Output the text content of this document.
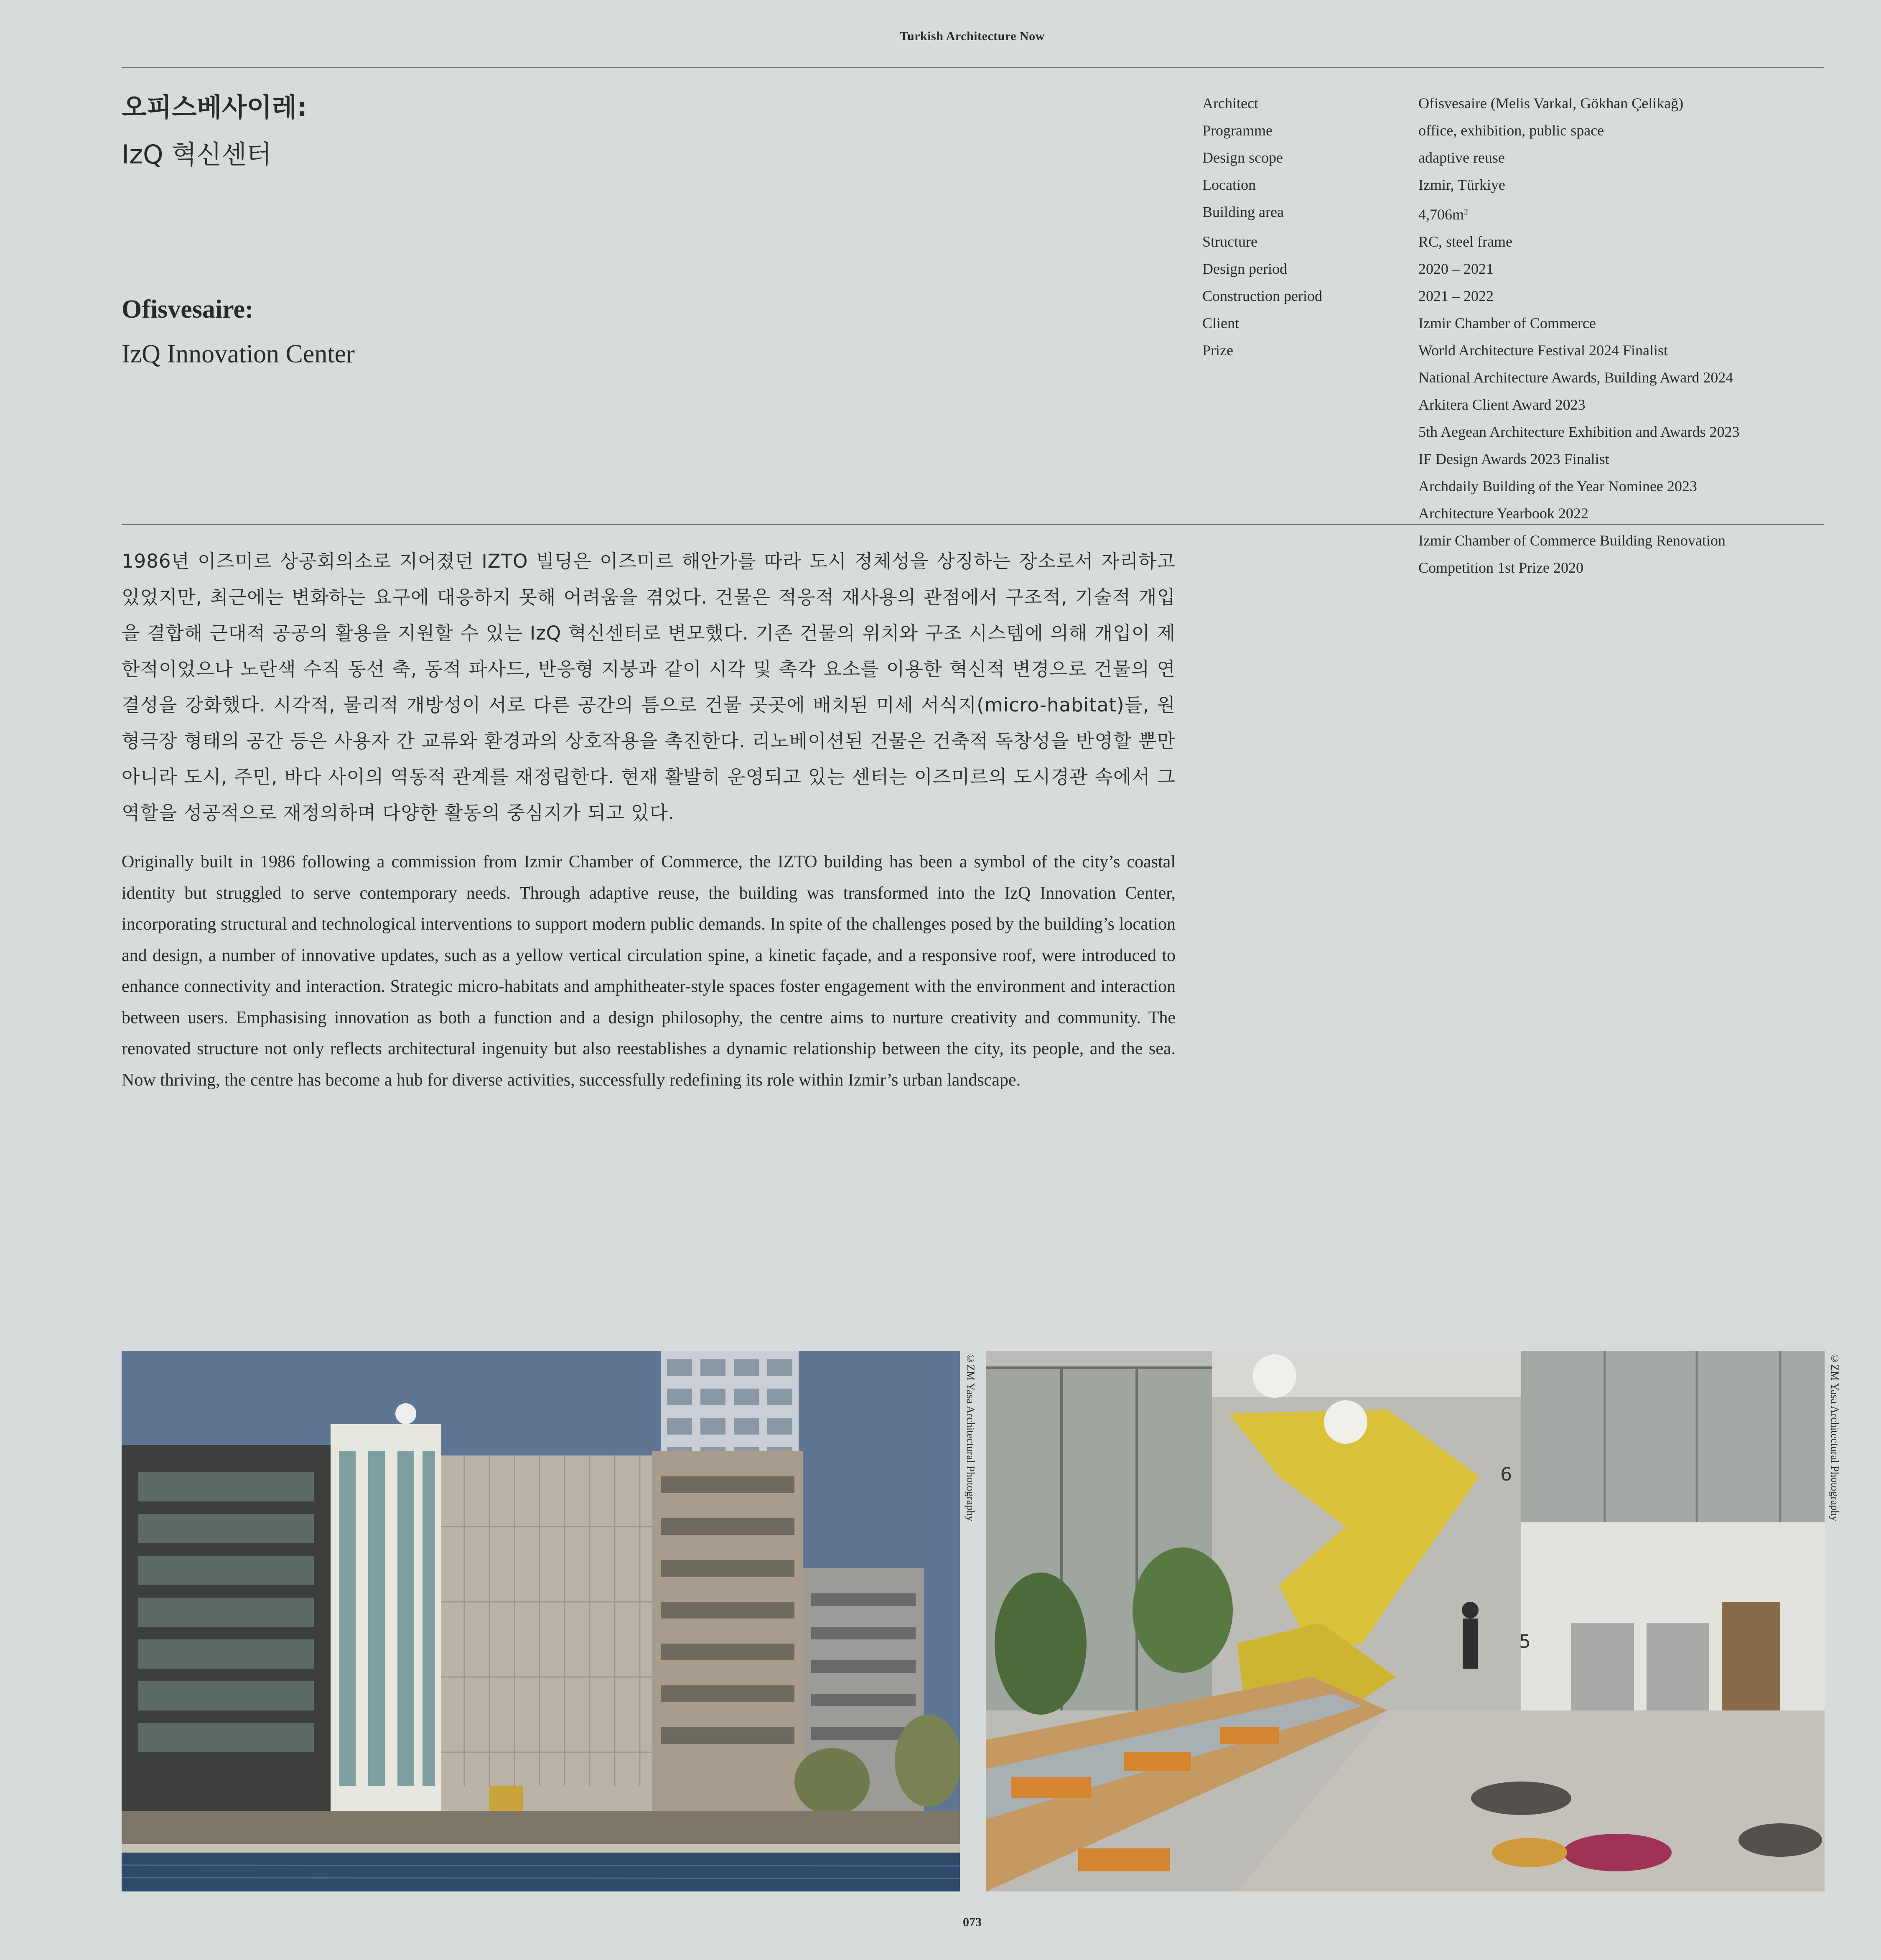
Turkish Architecture Now
오피스베사이레:
IzQ 혁신센터
Ofisvesaire:
IzQ Innovation Center
Architect	Ofisvesaire (Melis Varkal, Gökhan Çelikağ)
Programme	office, exhibition, public space
Design scope	adaptive reuse
Location	Izmir, Türkiye
Building area	$4,706m^2$
Structure	RC, steel frame
Design period	2020 – 2021
Construction period	2021 – 2022
Client	Izmir Chamber of Commerce
Prize	World Architecture Festival 2024 Finalist
National Architecture Awards, Building Award 2024
Arkitera Client Award 2023
5th Aegean Architecture Exhibition and Awards 2023
IF Design Awards 2023 Finalist
Archdaily Building of the Year Nominee 2023
Architecture Yearbook 2022
Izmir Chamber of Commerce Building Renovation
Competition 1st Prize 2020
1986년 이즈미르 상공회의소로 지어졌던 IZTO 빌딩은 이즈미르 해안가를 따라 도시 정체성을 상징하는 장소로서 자리하고 있었지만, 최근에는 변화하는 요구에 대응하지 못해 어려움을 겪었다. 건물은 적응적 재사용의 관점에서 구조적, 기술적 개입을 결합해 근대적 공공의 활용을 지원할 수 있는 IzQ 혁신센터로 변모했다. 기존 건물의 위치와 구조 시스템에 의해 개입이 제한적이었으나 노란색 수직 동선 축, 동적 파사드, 반응형 지붕과 같이 시각 및 촉각 요소를 이용한 혁신적 변경으로 건물의 연결성을 강화했다. 시각적, 물리적 개방성이 서로 다른 공간의 틈으로 건물 곳곳에 배치된 미세 서식지(micro-habitat)들, 원형극장 형태의 공간 등은 사용자 간 교류와 환경과의 상호작용을 촉진한다. 리노베이션된 건물은 건축적 독창성을 반영할 뿐만 아니라 도시, 주민, 바다 사이의 역동적 관계를 재정립한다. 현재 활발히 운영되고 있는 센터는 이즈미르의 도시경관 속에서 그 역할을 성공적으로 재정의하며 다양한 활동의 중심지가 되고 있다.
Originally built in 1986 following a commission from Izmir Chamber of Commerce, the IZTO building has been a symbol of the city’s coastal identity but struggled to serve contemporary needs. Through adaptive reuse, the building was transformed into the IzQ Innovation Center, incorporating structural and technological interventions to support modern public demands. In spite of the challenges posed by the building’s location and design, a number of innovative updates, such as a yellow vertical circulation spine, a kinetic façade, and a responsive roof, were introduced to enhance connectivity and interaction. Strategic micro-habitats and amphitheater-style spaces foster engagement with the environment and interaction between users. Emphasising innovation as both a function and a design philosophy, the centre aims to nurture creativity and community. The renovated structure not only reflects architectural ingenuity but also reestablishes a dynamic relationship between the city, its people, and the sea. Now thriving, the centre has become a hub for diverse activities, successfully redefining its role within Izmir’s urban landscape.
©ZM Yasa Architectural Photography	6
5
©ZM Yasa Architectural Photography
073
